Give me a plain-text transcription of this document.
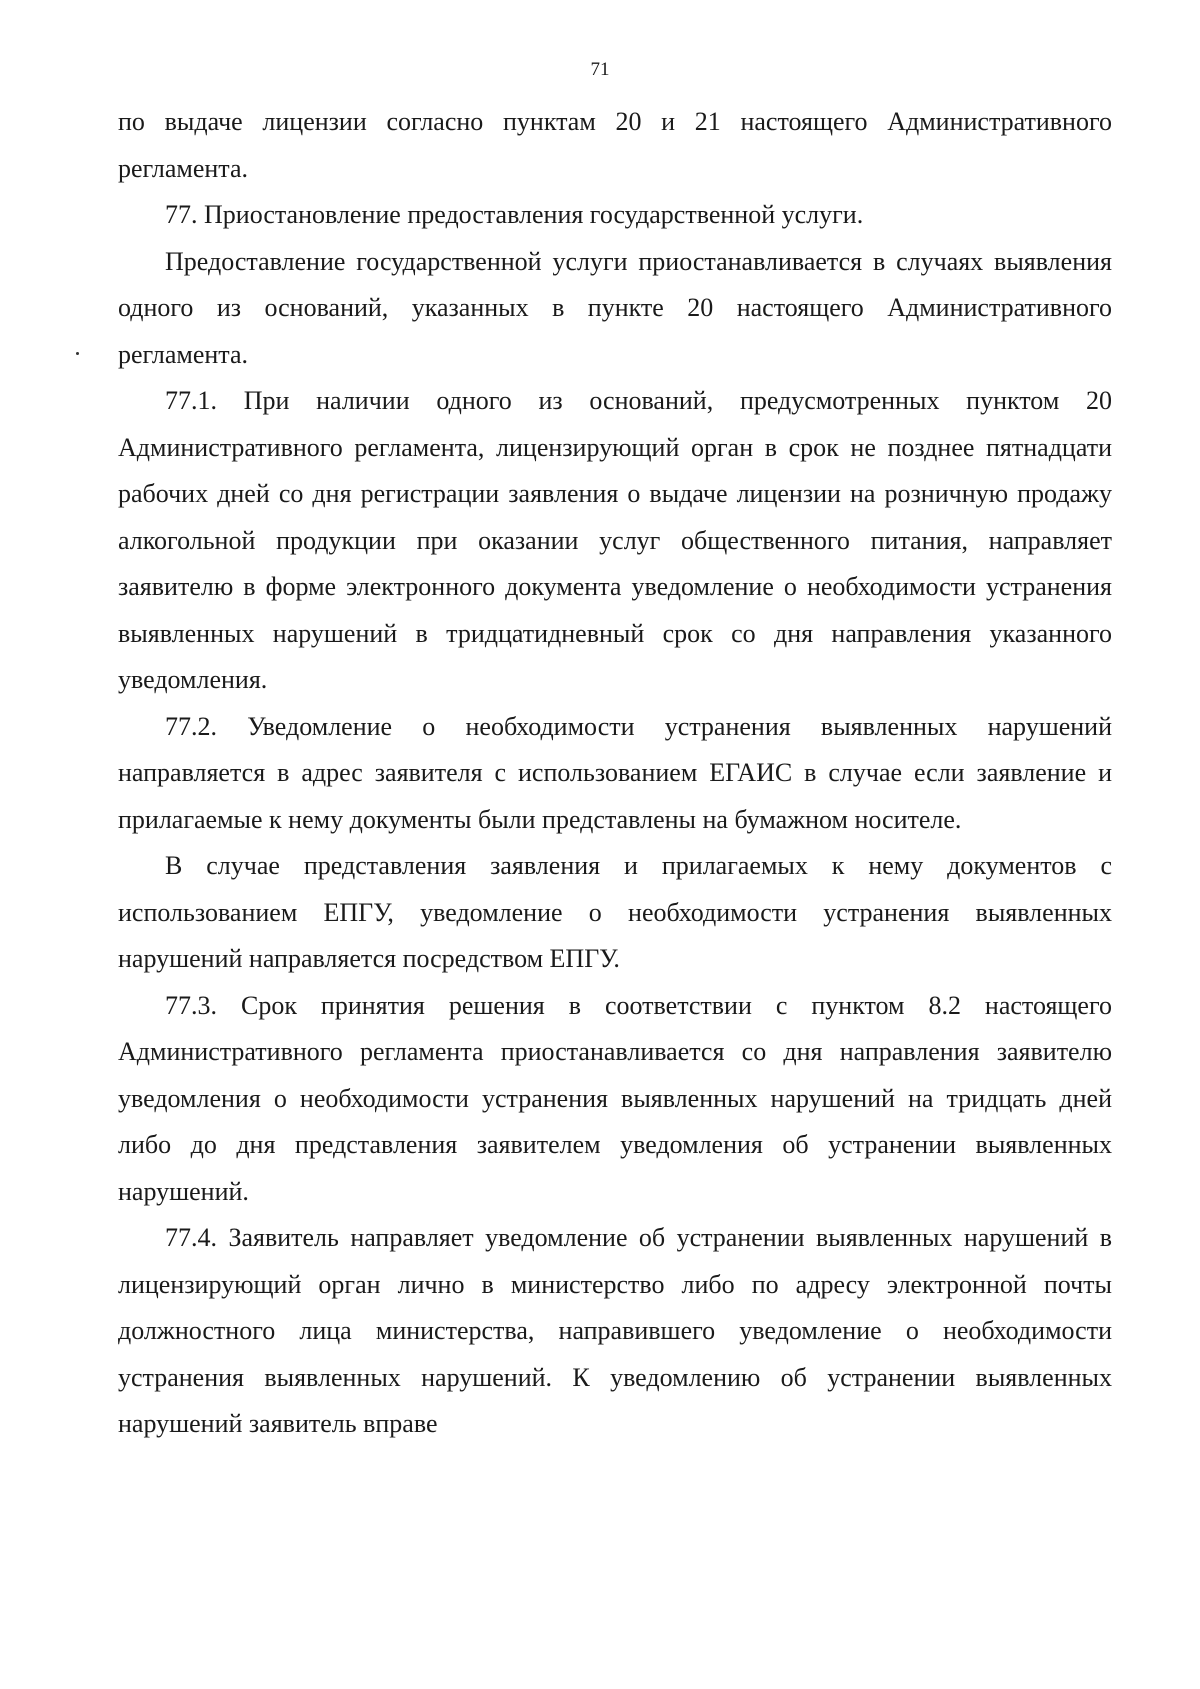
71

по выдаче лицензии согласно пунктам 20 и 21 настоящего Административного регламента.

77. Приостановление предоставления государственной услуги.

Предоставление государственной услуги приостанавливается в случаях выявления одного из оснований, указанных в пункте 20 настоящего Административного регламента.

77.1. При наличии одного из оснований, предусмотренных пунктом 20 Административного регламента, лицензирующий орган в срок не позднее пятнадцати рабочих дней со дня регистрации заявления о выдаче лицензии на розничную продажу алкогольной продукции при оказании услуг общественного питания, направляет заявителю в форме электронного документа уведомление о необходимости устранения выявленных нарушений в тридцатидневный срок со дня направления указанного уведомления.

77.2. Уведомление о необходимости устранения выявленных нарушений направляется в адрес заявителя с использованием ЕГАИС в случае если заявление и прилагаемые к нему документы были представлены на бумажном носителе.

В случае представления заявления и прилагаемых к нему документов с использованием ЕПГУ, уведомление о необходимости устранения выявленных нарушений направляется посредством ЕПГУ.

77.3. Срок принятия решения в соответствии с пунктом 8.2 настоящего Административного регламента приостанавливается со дня направления заявителю уведомления о необходимости устранения выявленных нарушений на тридцать дней либо до дня представления заявителем уведомления об устранении выявленных нарушений.

77.4. Заявитель направляет уведомление об устранении выявленных нарушений в лицензирующий орган лично в министерство либо по адресу электронной почты должностного лица министерства, направившего уведомление о необходимости устранения выявленных нарушений. К уведомлению об устранении выявленных нарушений заявитель вправе
